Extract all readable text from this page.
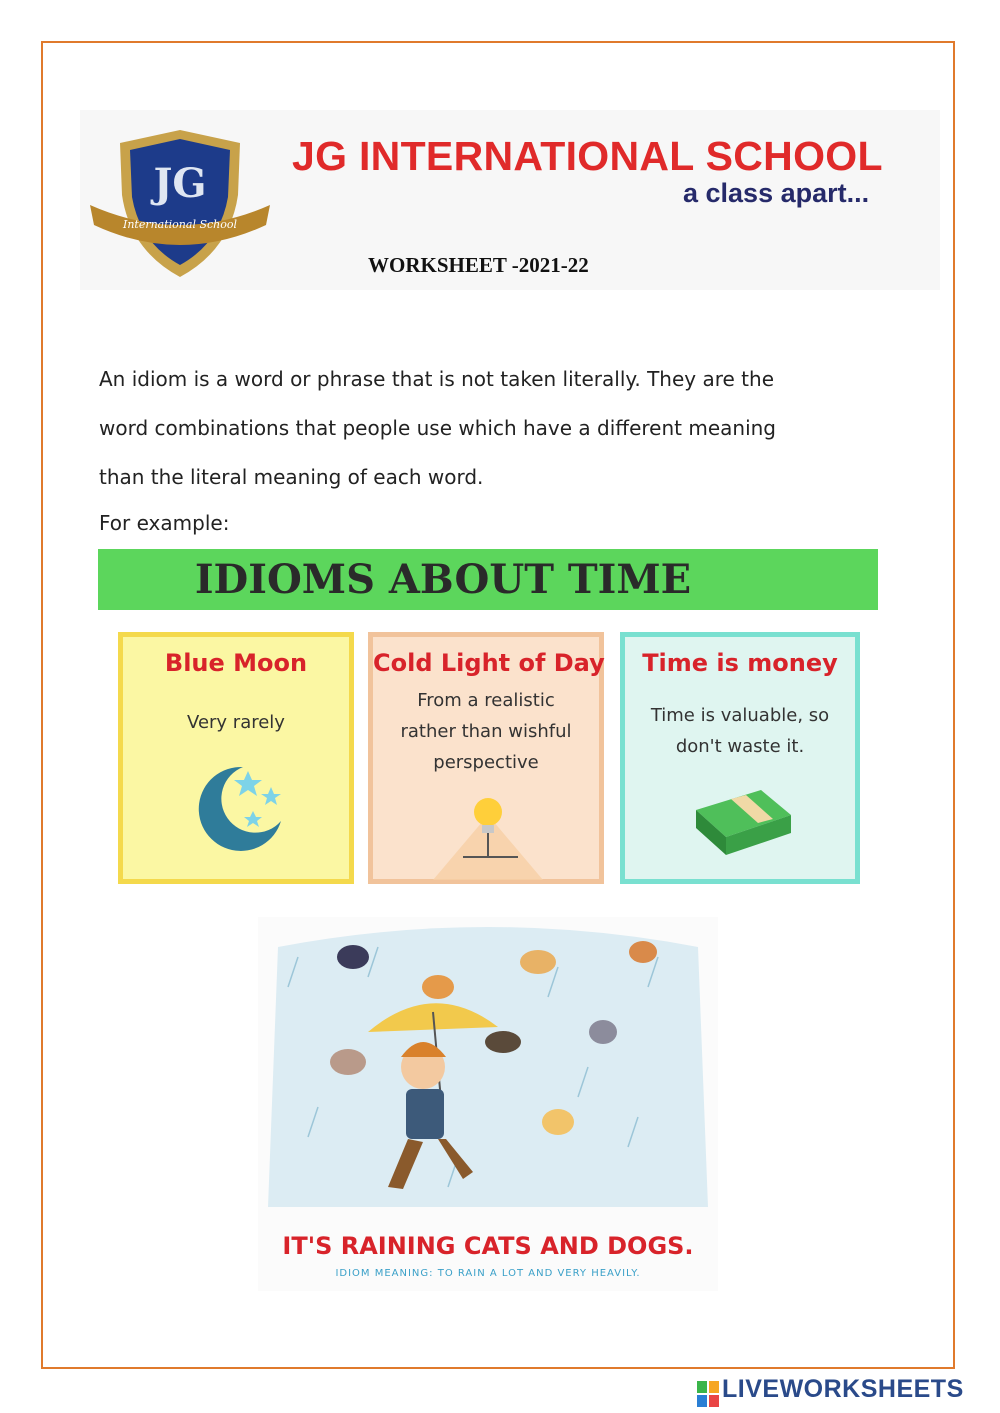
International School
JG
JG INTERNATIONAL SCHOOL
a class apart...
WORKSHEET -2021-22

An idiom is a word or phrase that is not taken literally. They are the

word combinations that people use which have a different meaning

than the literal meaning of each word.

For example:

IDIOMS ABOUT TIME
Blue Moon
Very rarely
Cold Light of Day
From a realistic
rather than wishful
perspective
Time is money
Time is valuable, so
don't waste it.
IT'S RAINING CATS AND DOGS.
IDIOM MEANING: TO RAIN A LOT AND VERY HEAVILY.
LIVEWORKSHEETS
